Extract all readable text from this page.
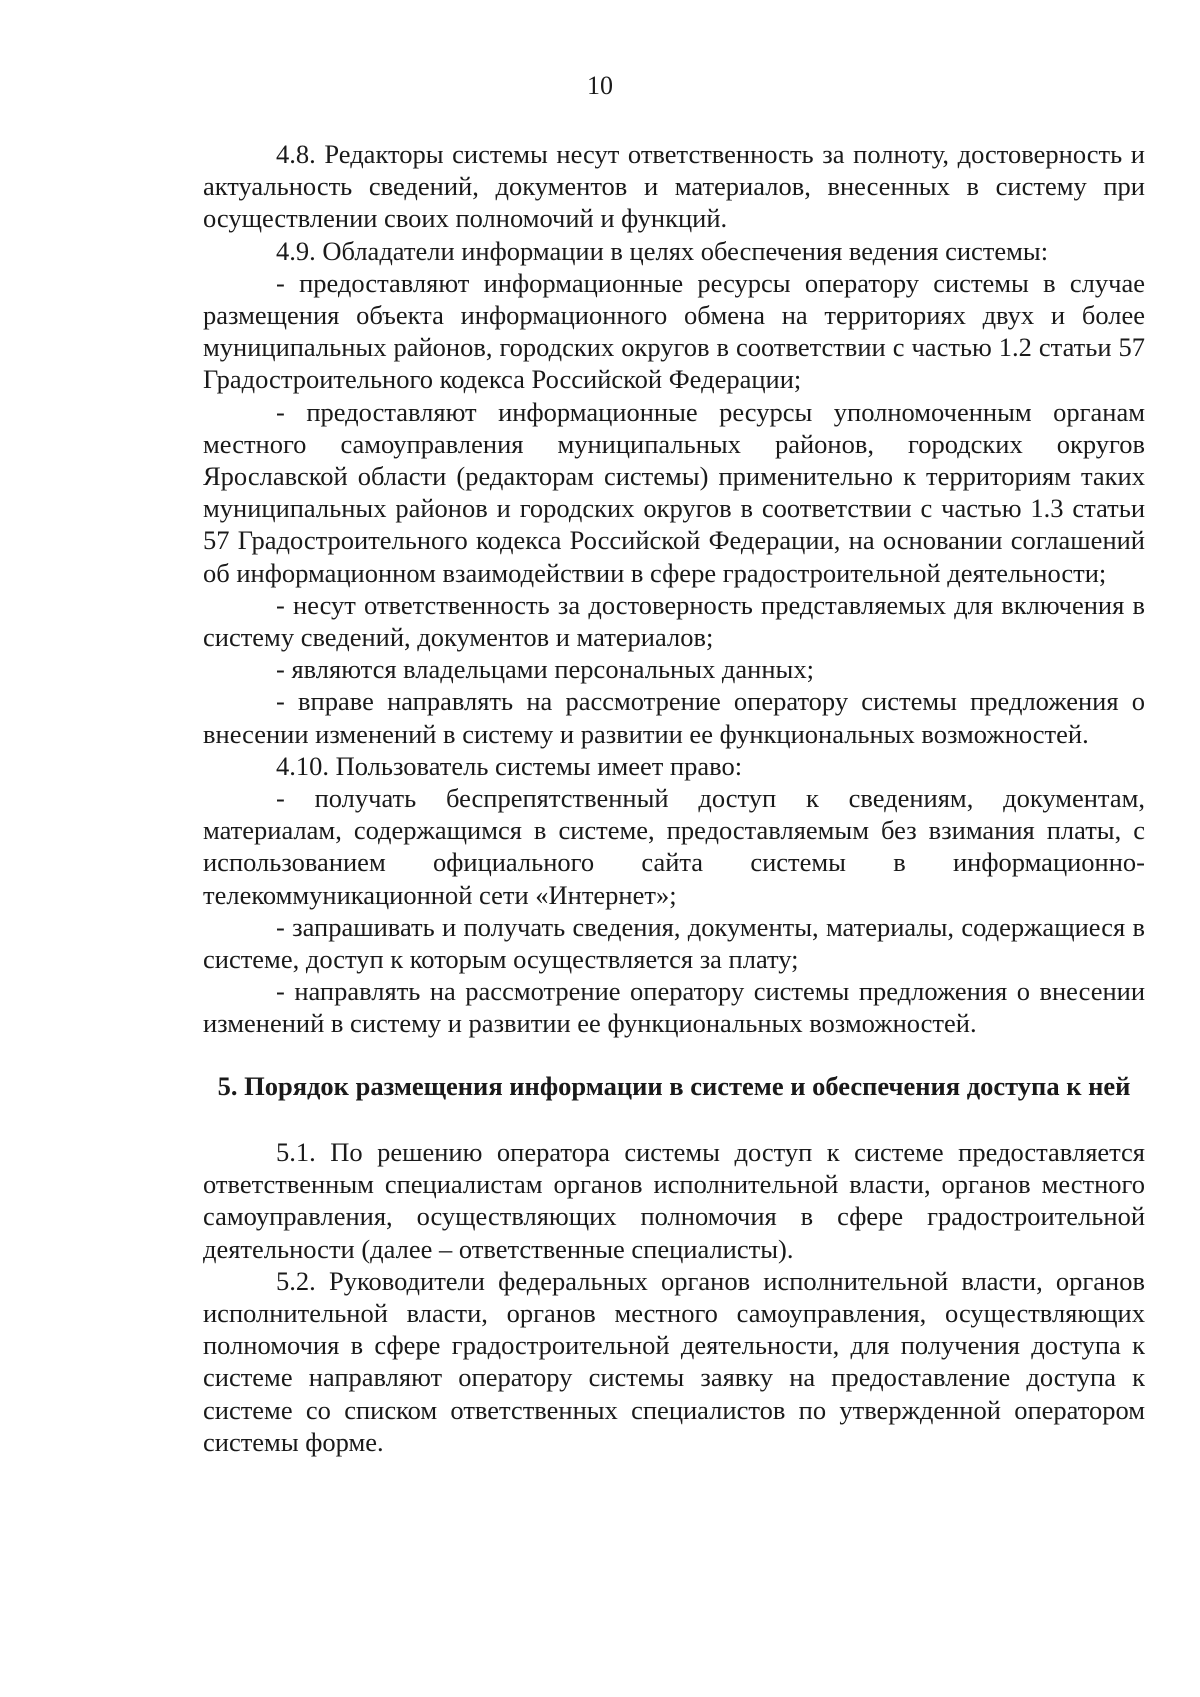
10

4.8. Редакторы системы несут ответственность за полноту, достоверность и актуальность сведений, документов и материалов, внесенных в систему при осуществлении своих полномочий и функций.

4.9. Обладатели информации в целях обеспечения ведения системы:

- предоставляют информационные ресурсы оператору системы в случае размещения объекта информационного обмена на территориях двух и более муниципальных районов, городских округов в соответствии с частью 1.2 статьи 57 Градостроительного кодекса Российской Федерации;

- предоставляют информационные ресурсы уполномоченным органам местного самоуправления муниципальных районов, городских округов Ярославской области (редакторам системы) применительно к территориям таких муниципальных районов и городских округов в соответствии с частью 1.3 статьи 57 Градостроительного кодекса Российской Федерации, на основании соглашений об информационном взаимодействии в сфере градостроительной деятельности;

- несут ответственность за достоверность представляемых для включения в систему сведений, документов и материалов;

- являются владельцами персональных данных;

- вправе направлять на рассмотрение оператору системы предложения о внесении изменений в систему и развитии ее функциональных возможностей.

4.10. Пользователь системы имеет право:

- получать беспрепятственный доступ к сведениям, документам, материалам, содержащимся в системе, предоставляемым без взимания платы, с использованием официального сайта системы в информационно-телекоммуникационной сети «Интернет»;

- запрашивать и получать сведения, документы, материалы, содержащиеся в системе, доступ к которым осуществляется за плату;

- направлять на рассмотрение оператору системы предложения о внесении изменений в систему и развитии ее функциональных возможностей.

5. Порядок размещения информации в системе и обеспечения доступа к ней

5.1. По решению оператора системы доступ к системе предоставляется ответственным специалистам органов исполнительной власти, органов местного самоуправления, осуществляющих полномочия в сфере градостроительной деятельности (далее – ответственные специалисты).

5.2. Руководители федеральных органов исполнительной власти, органов исполнительной власти, органов местного самоуправления, осуществляющих полномочия в сфере градостроительной деятельности, для получения доступа к системе направляют оператору системы заявку на предоставление доступа к системе со списком ответственных специалистов по утвержденной оператором системы форме.
